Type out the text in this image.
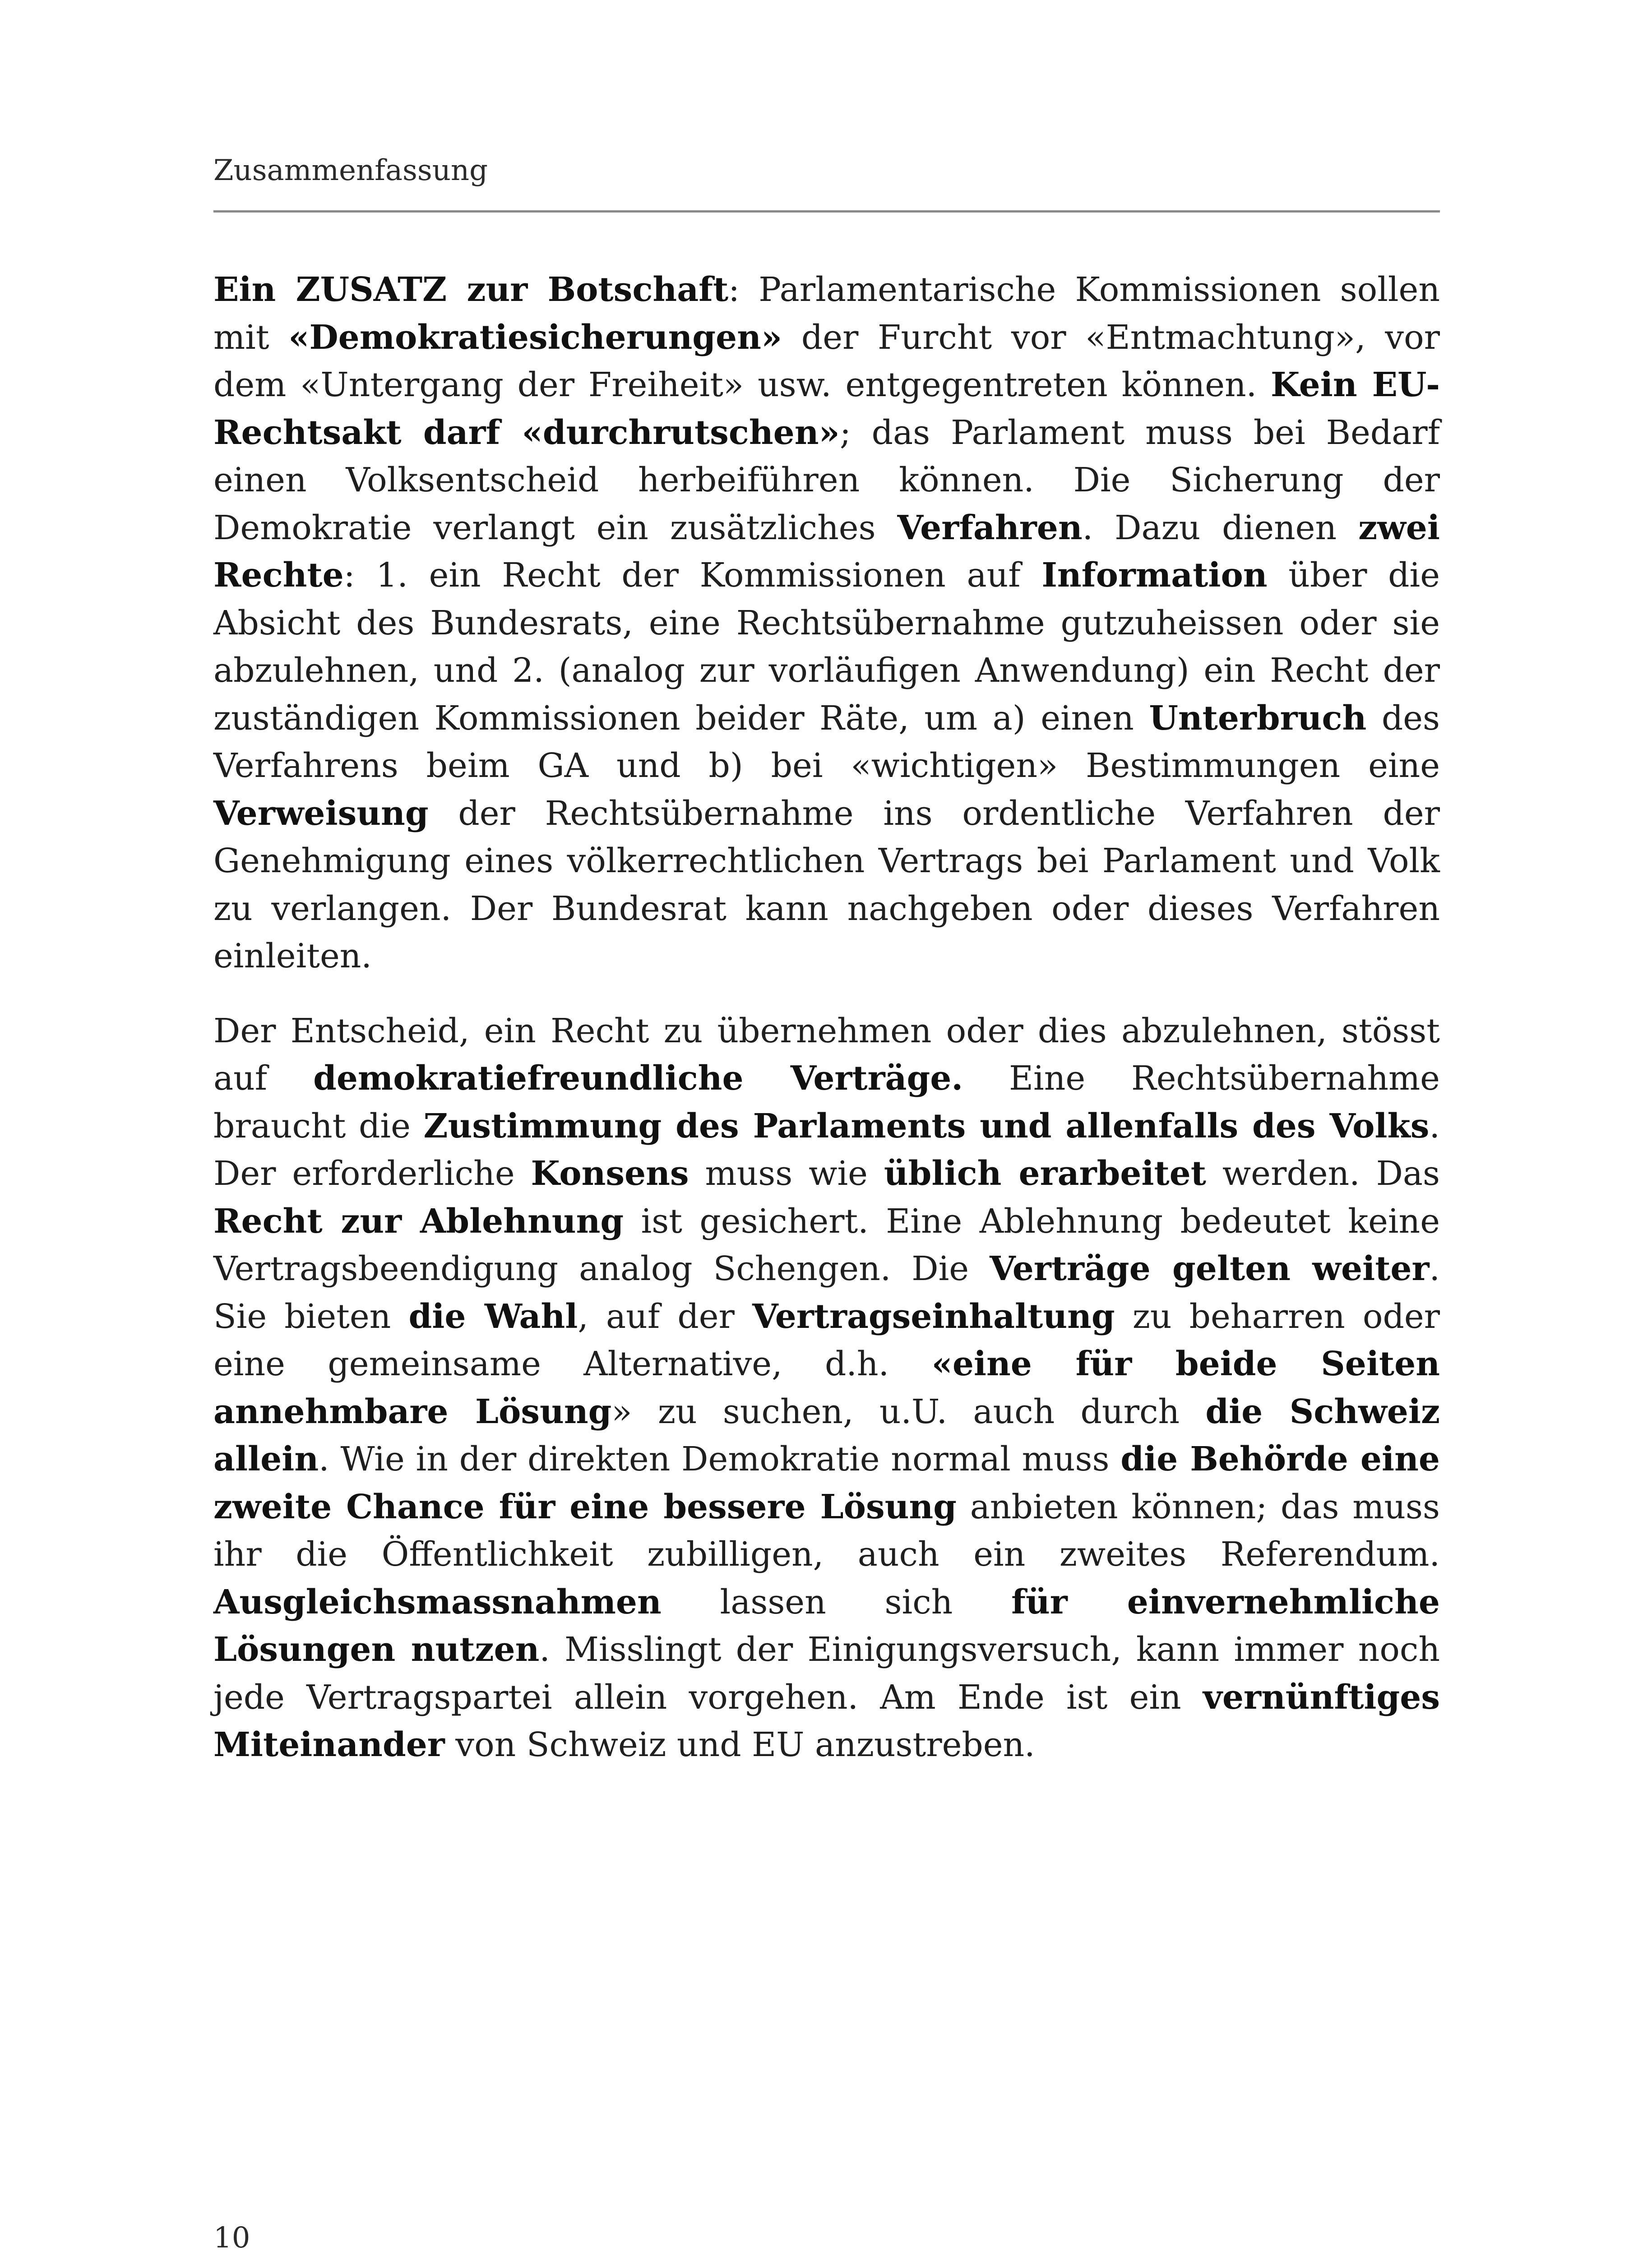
Zusammenfassung

Ein ZUSATZ zur Botschaft: Parlamentarische Kommissionen sollen mit «Demokratiesicherungen» der Furcht vor «Entmachtung», vor dem «Untergang der Freiheit» usw. entgegentreten können. Kein EU-Rechtsakt darf «durchrutschen»; das Parlament muss bei Bedarf einen Volksentscheid herbeiführen können. Die Sicherung der Demokratie verlangt ein zusätzliches Verfahren. Dazu dienen zwei Rechte: 1. ein Recht der Kommissionen auf Information über die Absicht des Bundesrats, eine Rechtsübernahme gutzuheissen oder sie abzulehnen, und 2. (analog zur vorläufigen Anwendung) ein Recht der zuständigen Kommissionen beider Räte, um a) einen Unterbruch des Verfahrens beim GA und b) bei «wichtigen» Bestimmungen eine Verweisung der Rechtsübernahme ins ordentliche Verfahren der Genehmigung eines völkerrechtlichen Vertrags bei Parlament und Volk zu verlangen. Der Bundesrat kann nachgeben oder dieses Verfahren einleiten.

Der Entscheid, ein Recht zu übernehmen oder dies abzulehnen, stösst auf demokratiefreundliche Verträge. Eine Rechtsübernahme braucht die Zustimmung des Parlaments und allenfalls des Volks. Der erforderliche Konsens muss wie üblich erarbeitet werden. Das Recht zur Ablehnung ist gesichert. Eine Ablehnung bedeutet keine Vertragsbeendigung analog Schengen. Die Verträge gelten weiter. Sie bieten die Wahl, auf der Vertragseinhaltung zu beharren oder eine gemeinsame Alternative, d.h. «eine für beide Seiten annehmbare Lösung» zu suchen, u.U. auch durch die Schweiz allein. Wie in der direkten Demokratie normal muss die Behörde eine zweite Chance für eine bessere Lösung anbieten können; das muss ihr die Öffentlichkeit zubilligen, auch ein zweites Referendum. Ausgleichsmassnahmen lassen sich für einvernehmliche Lösungen nutzen. Misslingt der Einigungsversuch, kann immer noch jede Vertragspartei allein vorgehen. Am Ende ist ein vernünftiges Miteinander von Schweiz und EU anzustreben.

10
